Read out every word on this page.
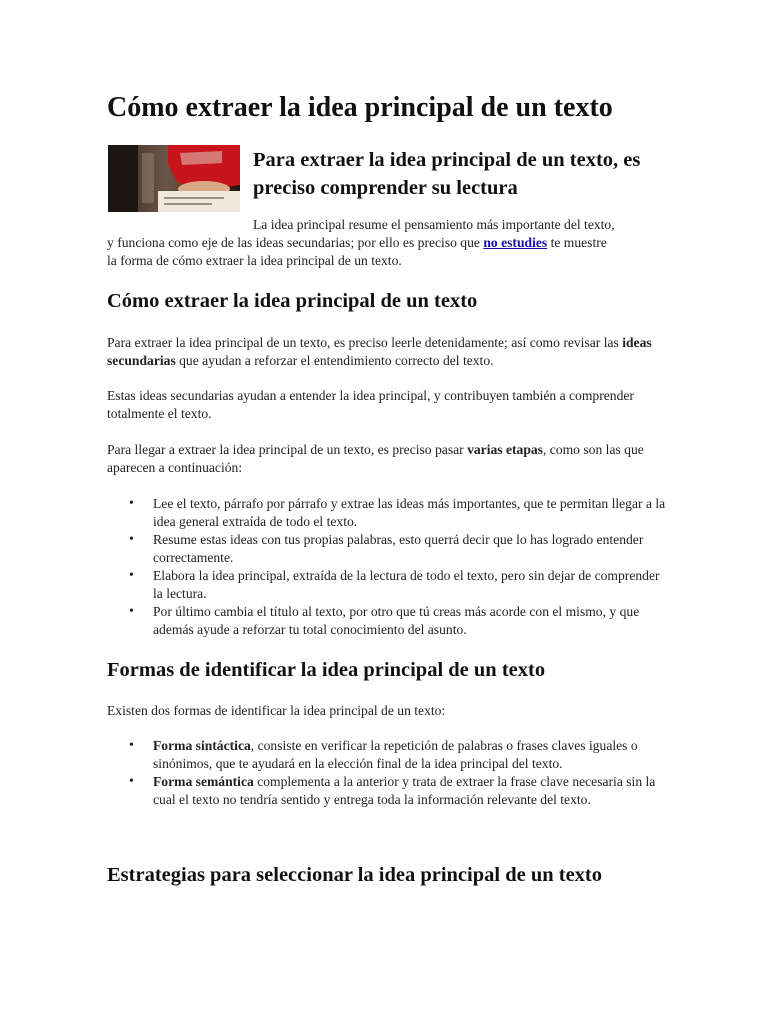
Cómo extraer la idea principal de un texto
Para extraer la idea principal de un texto, es preciso comprender su lectura

La idea principal resume el pensamiento más importante del texto,
y funciona como eje de las ideas secundarias; por ello es preciso que no estudies te muestre
la forma de cómo extraer la idea principal de un texto.

Cómo extraer la idea principal de un texto

Para extraer la idea principal de un texto, es preciso leerle detenidamente; así como revisar las ideas secundarias que ayudan a reforzar el entendimiento correcto del texto.

Estas ideas secundarias ayudan a entender la idea principal, y contribuyen también a comprender totalmente el texto.

Para llegar a extraer la idea principal de un texto, es preciso pasar varias etapas, como son las que aparecen a continuación:

• Lee el texto, párrafo por párrafo y extrae las ideas más importantes, que te permitan llegar a la idea general extraída de todo el texto.
• Resume estas ideas con tus propias palabras, esto querrá decir que lo has logrado entender correctamente.
• Elabora la idea principal, extraída de la lectura de todo el texto, pero sin dejar de comprender la lectura.
• Por último cambia el título al texto, por otro que tú creas más acorde con el mismo, y que además ayude a reforzar tu total conocimiento del asunto.
Formas de identificar la idea principal de un texto

Existen dos formas de identificar la idea principal de un texto:

• Forma sintáctica, consiste en verificar la repetición de palabras o frases claves iguales o sinónimos, que te ayudará en la elección final de la idea principal del texto.
• Forma semántica complementa a la anterior y trata de extraer la frase clave necesaria sin la cual el texto no tendría sentido y entrega toda la información relevante del texto.
Estrategias para seleccionar la idea principal de un texto
